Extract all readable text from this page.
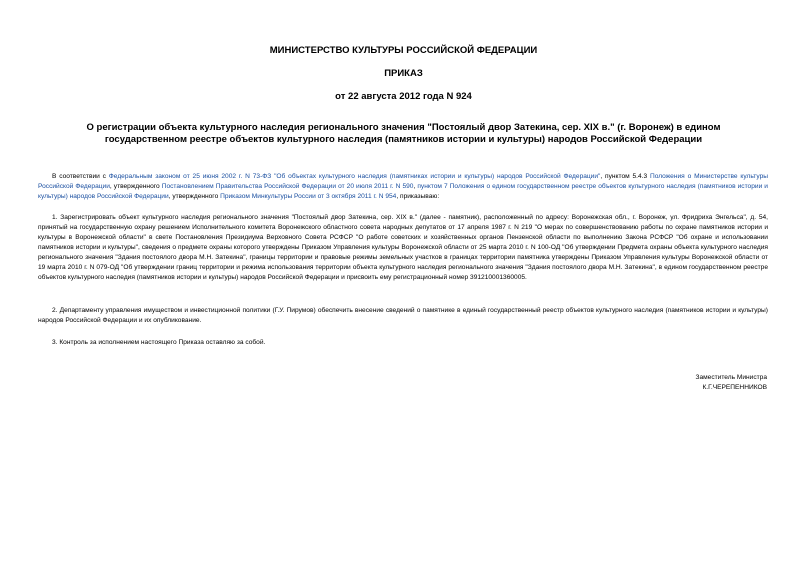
МИНИСТЕРСТВО КУЛЬТУРЫ РОССИЙСКОЙ ФЕДЕРАЦИИ
ПРИКАЗ
от 22 августа 2012 года N 924
О регистрации объекта культурного наследия регионального значения "Постоялый двор Затекина, сер. XIX в." (г. Воронеж) в едином государственном реестре объектов культурного наследия (памятников истории и культуры) народов Российской Федерации
В соответствии с Федеральным законом от 25 июня 2002 г. N 73-ФЗ "Об объектах культурного наследия (памятниках истории и культуры) народов Российской Федерации", пунктом 5.4.3 Положения о Министерстве культуры Российской Федерации, утвержденного Постановлением Правительства Российской Федерации от 20 июля 2011 г. N 590, пунктом 7 Положения о едином государственном реестре объектов культурного наследия (памятников истории и культуры) народов Российской Федерации, утвержденного Приказом Минкультуры России от 3 октября 2011 г. N 954, приказываю:
1. Зарегистрировать объект культурного наследия регионального значения "Постоялый двор Затекина, сер. XIX в." (далее - памятник), расположенный по адресу: Воронежская обл., г. Воронеж, ул. Фридриха Энгельса", д. 54, принятый на государственную охрану решением Исполнительного комитета Воронежского областного совета народных депутатов от 17 апреля 1987 г. N 219 "О мерах по совершенствованию работы по охране памятников истории и культуры в Воронежской области" в свете Постановления Президиума Верховного Совета РСФСР "О работе советских и хозяйственных органов Пензенской области по выполнению Закона РСФСР "Об охране и использовании памятников истории и культуры", сведения о предмете охраны которого утверждены Приказом Управления культуры Воронежской области от 25 марта 2010 г. N 100-ОД "Об утверждении Предмета охраны объекта культурного наследия регионального значения "Здания постоялого двора М.Н. Затекина", границы территории и правовые режимы земельных участков в границах территории памятника утверждены Приказом Управления культуры Воронежской области от 19 марта 2010 г. N 079-ОД "Об утверждении границ территории и режима использования территории объекта культурного наследия регионального значения "Здания постоялого двора М.Н. Затекина", в едином государственном реестре объектов культурного наследия (памятников истории и культуры) народов Российской Федерации и присвоить ему регистрационный номер 391210001360005.
2. Департаменту управления имуществом и инвестиционной политики (Г.У. Пирумов) обеспечить внесение сведений о памятнике в единый государственный реестр объектов культурного наследия (памятников истории и культуры) народов Российской Федерации и их опубликование.
3. Контроль за исполнением настоящего Приказа оставляю за собой.
Заместитель Министра
К.Г.ЧЕРЕПЕННИКОВ
